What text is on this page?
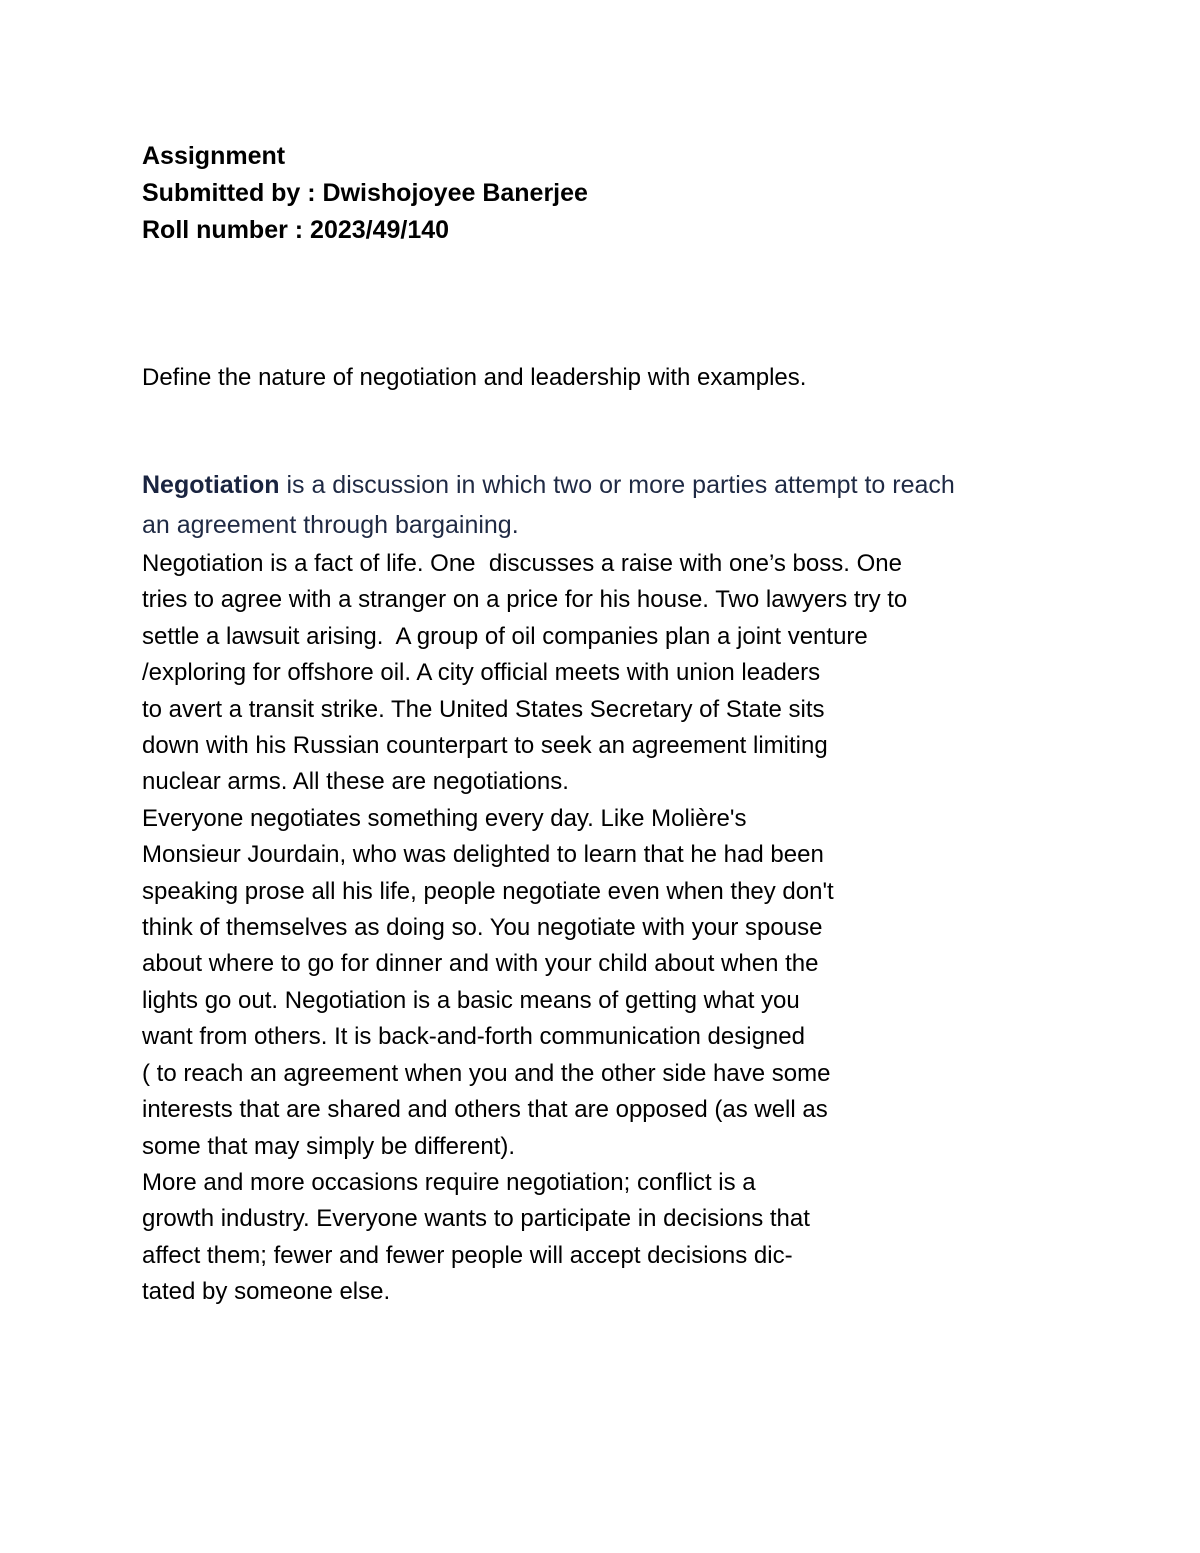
Assignment
Submitted by : Dwishojoyee Banerjee
Roll number : 2023/49/140

Define the nature of negotiation and leadership with examples.

Negotiation is a discussion in which two or more parties attempt to reach
an agreement through bargaining.

Negotiation is a fact of life. One  discusses a raise with one’s boss. One
tries to agree with a stranger on a price for his house. Two lawyers try to
settle a lawsuit arising.  A group of oil companies plan a joint venture
/exploring for offshore oil. A city official meets with union leaders
to avert a transit strike. The United States Secretary of State sits
down with his Russian counterpart to seek an agreement limiting
nuclear arms. All these are negotiations.
Everyone negotiates something every day. Like Molière's
Monsieur Jourdain, who was delighted to learn that he had been
speaking prose all his life, people negotiate even when they don't
think of themselves as doing so. You negotiate with your spouse
about where to go for dinner and with your child about when the
lights go out. Negotiation is a basic means of getting what you
want from others. It is back-and-forth communication designed
( to reach an agreement when you and the other side have some
interests that are shared and others that are opposed (as well as
some that may simply be different).
More and more occasions require negotiation; conflict is a
growth industry. Everyone wants to participate in decisions that
affect them; fewer and fewer people will accept decisions dic-
tated by someone else.
